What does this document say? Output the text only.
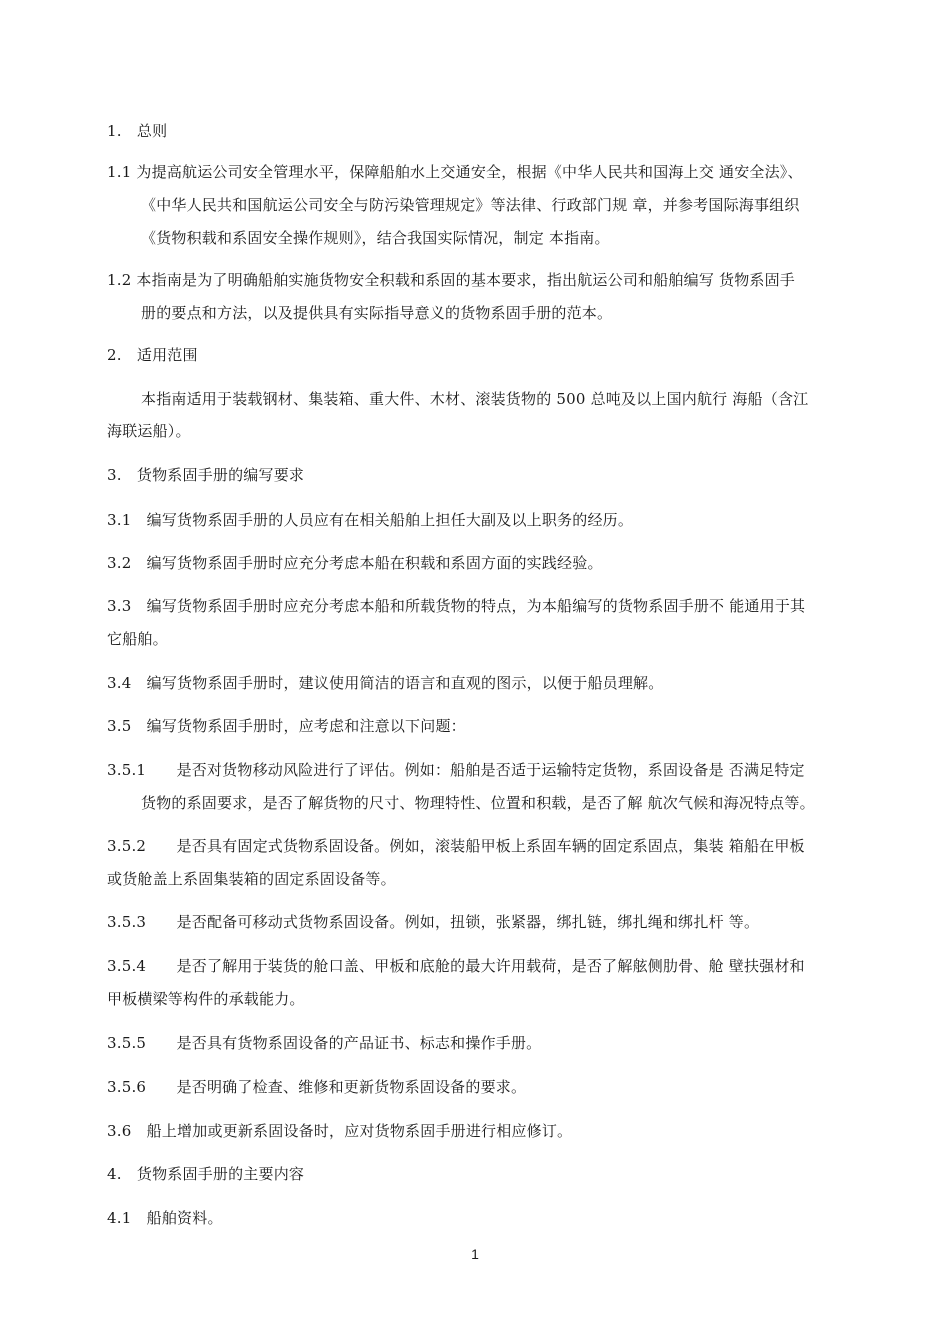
1.　总则
1.1 为提高航运公司安全管理水平，保障船舶水上交通安全，根据《中华人民共和国海上交 通安全法》、
《中华人民共和国航运公司安全与防污染管理规定》等法律、行政部门规 章，并参考国际海事组织
《货物积载和系固安全操作规则》，结合我国实际情况，制定 本指南。
1.2 本指南是为了明确船舶实施货物安全积载和系固的基本要求，指出航运公司和船舶编写 货物系固手
册的要点和方法，以及提供具有实际指导意义的货物系固手册的范本。
2.　适用范围
本指南适用于装载钢材、集装箱、重大件、木材、滚装货物的 500 总吨及以上国内航行 海船（含江
海联运船）。
3.　货物系固手册的编写要求
3.1　编写货物系固手册的人员应有在相关船舶上担任大副及以上职务的经历。
3.2　编写货物系固手册时应充分考虑本船在积载和系固方面的实践经验。
3.3　编写货物系固手册时应充分考虑本船和所载货物的特点，为本船编写的货物系固手册不 能通用于其
它船舶。
3.4　编写货物系固手册时，建议使用简洁的语言和直观的图示，以便于船员理解。
3.5　编写货物系固手册时，应考虑和注意以下问题：
3.5.1　　是否对货物移动风险进行了评估。例如：船舶是否适于运输特定货物，系固设备是 否满足特定
货物的系固要求，是否了解货物的尺寸、物理特性、位置和积载，是否了解 航次气候和海况特点等。
3.5.2　　是否具有固定式货物系固设备。例如，滚装船甲板上系固车辆的固定系固点，集装 箱船在甲板
或货舱盖上系固集装箱的固定系固设备等。
3.5.3　　是否配备可移动式货物系固设备。例如，扭锁，张紧器，绑扎链，绑扎绳和绑扎杆 等。
3.5.4　　是否了解用于装货的舱口盖、甲板和底舱的最大许用载荷，是否了解舷侧肋骨、舱 壁扶强材和
甲板横梁等构件的承载能力。
3.5.5　　是否具有货物系固设备的产品证书、标志和操作手册。
3.5.6　　是否明确了检查、维修和更新货物系固设备的要求。
3.6　船上增加或更新系固设备时，应对货物系固手册进行相应修订。
4.　货物系固手册的主要内容
4.1　船舶资料。
1
